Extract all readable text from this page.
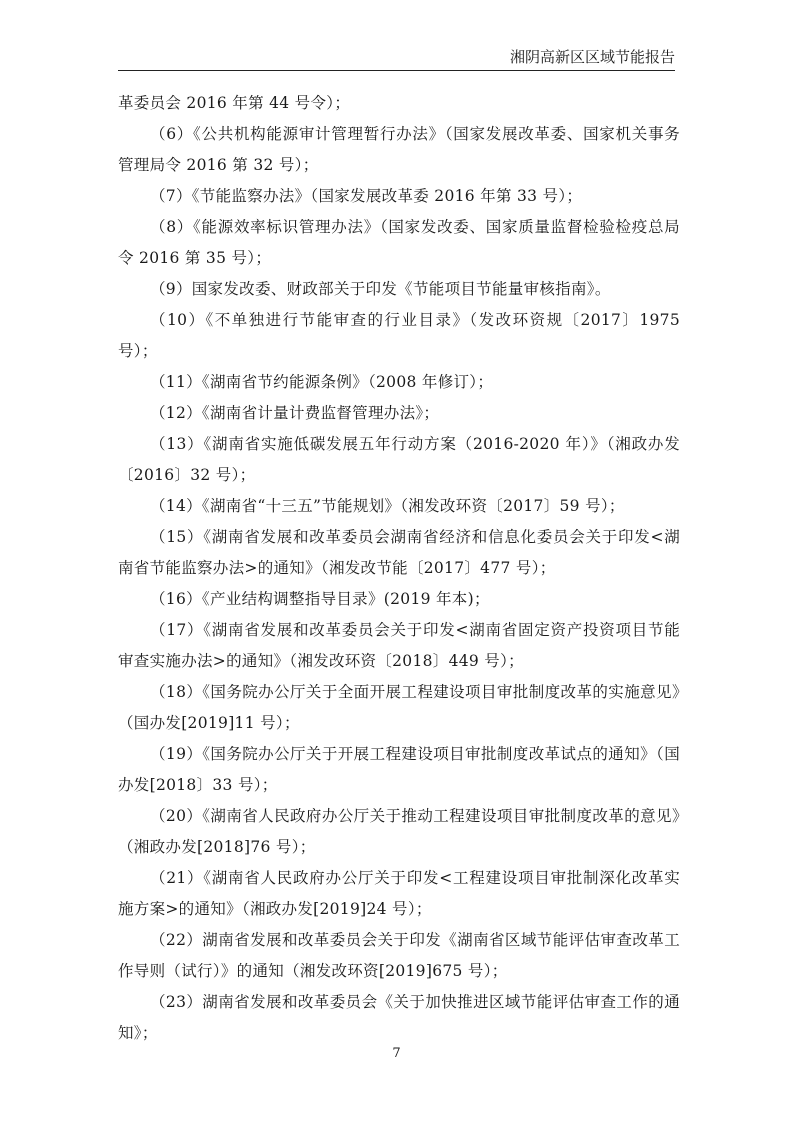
湘阴高新区区域节能报告

革委员会 2016 年第 44 号令）；

（6）《公共机构能源审计管理暂行办法》（国家发展改革委、国家机关事务管理局令 2016 第 32 号）；

（7）《节能监察办法》（国家发展改革委 2016 年第 33 号）；

（8）《能源效率标识管理办法》（国家发改委、国家质量监督检验检疫总局令 2016 第 35 号）；

（9）国家发改委、财政部关于印发《节能项目节能量审核指南》。

（10）《不单独进行节能审查的行业目录》（发改环资规〔2017〕1975 号）；

（11）《湖南省节约能源条例》（2008 年修订）；

（12）《湖南省计量计费监督管理办法》；

（13）《湖南省实施低碳发展五年行动方案（2016-2020 年）》（湘政办发〔2016〕32 号）；

（14）《湖南省“十三五”节能规划》（湘发改环资〔2017〕59 号）；

（15）《湖南省发展和改革委员会湖南省经济和信息化委员会关于印发<湖南省节能监察办法>的通知》（湘发改节能〔2017〕477 号）；

（16）《产业结构调整指导目录》(2019 年本)；

（17）《湖南省发展和改革委员会关于印发<湖南省固定资产投资项目节能审查实施办法>的通知》（湘发改环资〔2018〕449 号）；

（18）《国务院办公厅关于全面开展工程建设项目审批制度改革的实施意见》（国办发[2019]11 号）；

（19）《国务院办公厅关于开展工程建设项目审批制度改革试点的通知》（国办发[2018〕33 号）；

（20）《湖南省人民政府办公厅关于推动工程建设项目审批制度改革的意见》（湘政办发[2018]76 号）；

（21）《湖南省人民政府办公厅关于印发<工程建设项目审批制深化改革实施方案>的通知》（湘政办发[2019]24 号）；

（22）湖南省发展和改革委员会关于印发《湖南省区域节能评估审查改革工作导则（试行）》的通知（湘发改环资[2019]675 号）；

（23）湖南省发展和改革委员会《关于加快推进区域节能评估审查工作的通知》；

7
